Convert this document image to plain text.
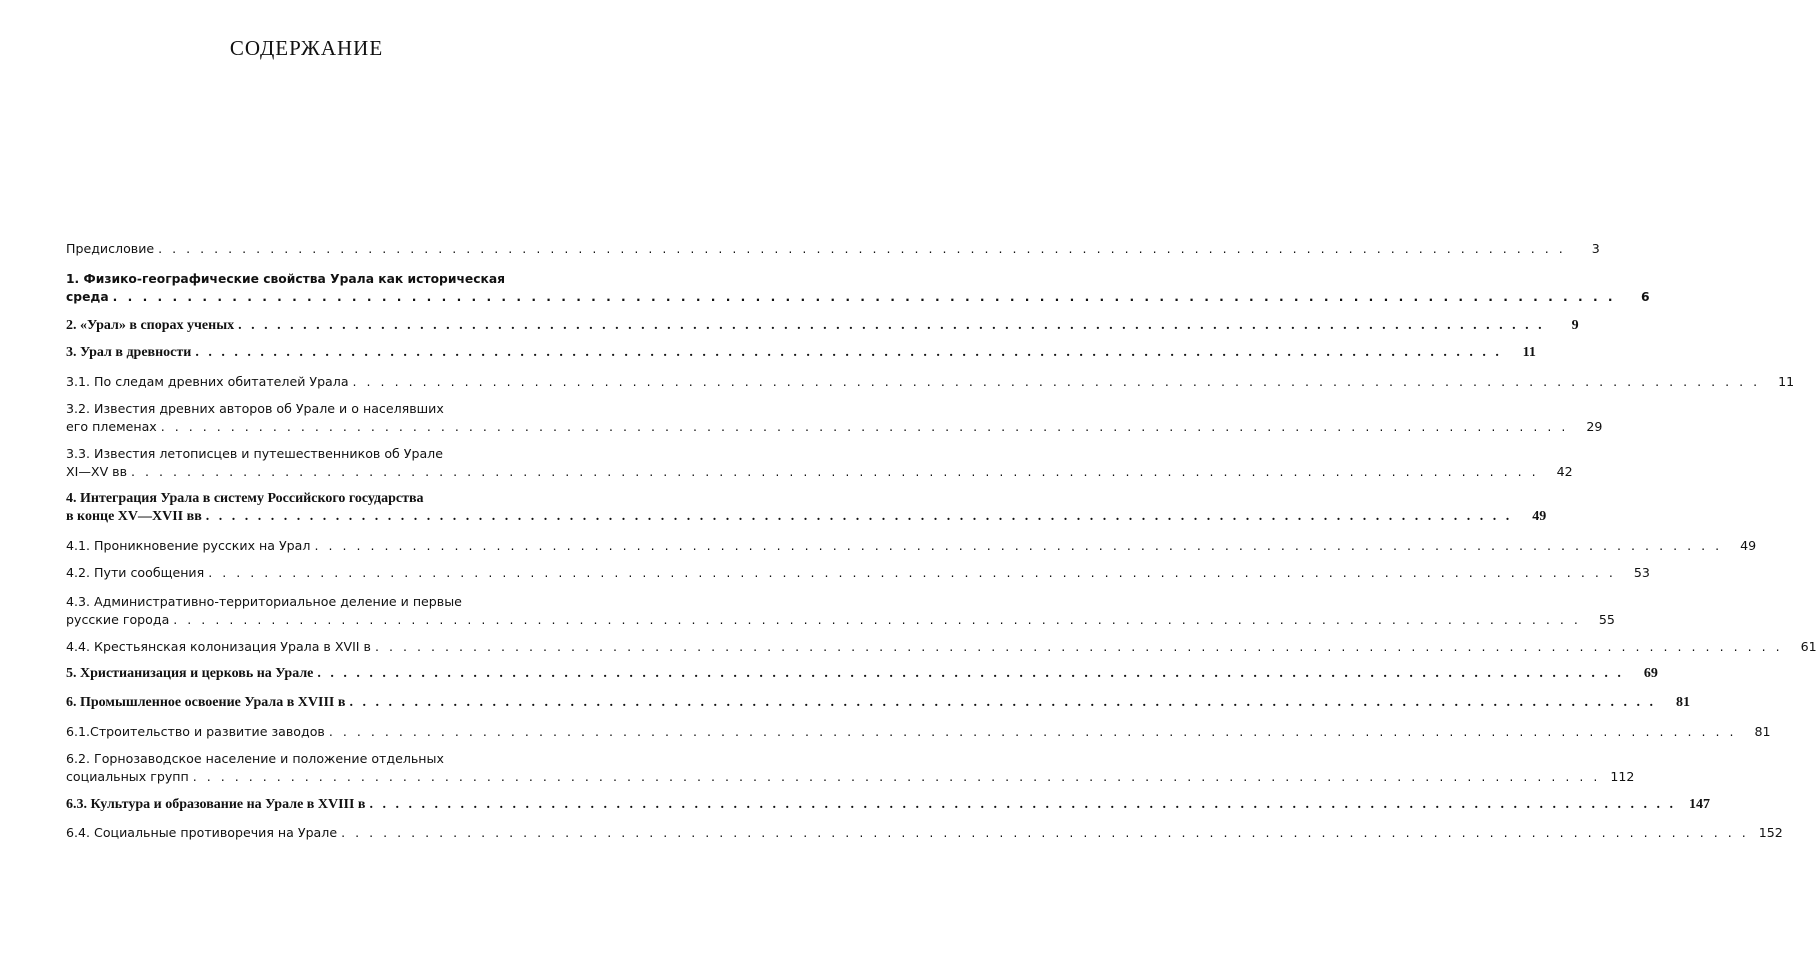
СОДЕРЖАНИЕ
Предисловие . . .	3
1. Физико-географические свойства Урала как историческая
среда . . .	6
2. «Урал» в спорах ученых . . .	9
3. Урал в древности . . .	11
3.1. По следам древних обитателей Урала . . .	11
3.2. Известия древних авторов об Урале и о населявших
его племенах . . .	29
3.3. Известия летописцев и путешественников об Урале
XI—XV вв . . .	42
4. Интеграция Урала в систему Российского государства
в конце XV—XVII вв . . .	49
4.1. Проникновение русских на Урал . . .	49
4.2. Пути сообщения . . .	53
4.3. Административно-территориальное деление и первые
русские города . . .	55
4.4. Крестьянская колонизация Урала в XVII в . . .	61
5. Христианизация и церковь на Урале . . .	69
6. Промышленное освоение Урала в XVIII в . . .	81
6.1.Строительство и развитие заводов . . .	81
6.2. Горнозаводское население и положение отдельных
социальных групп . . .	112
6.3. Культура и образование на Урале в XVIII в . . .	147
6.4. Социальные противоречия на Урале . . .	152
